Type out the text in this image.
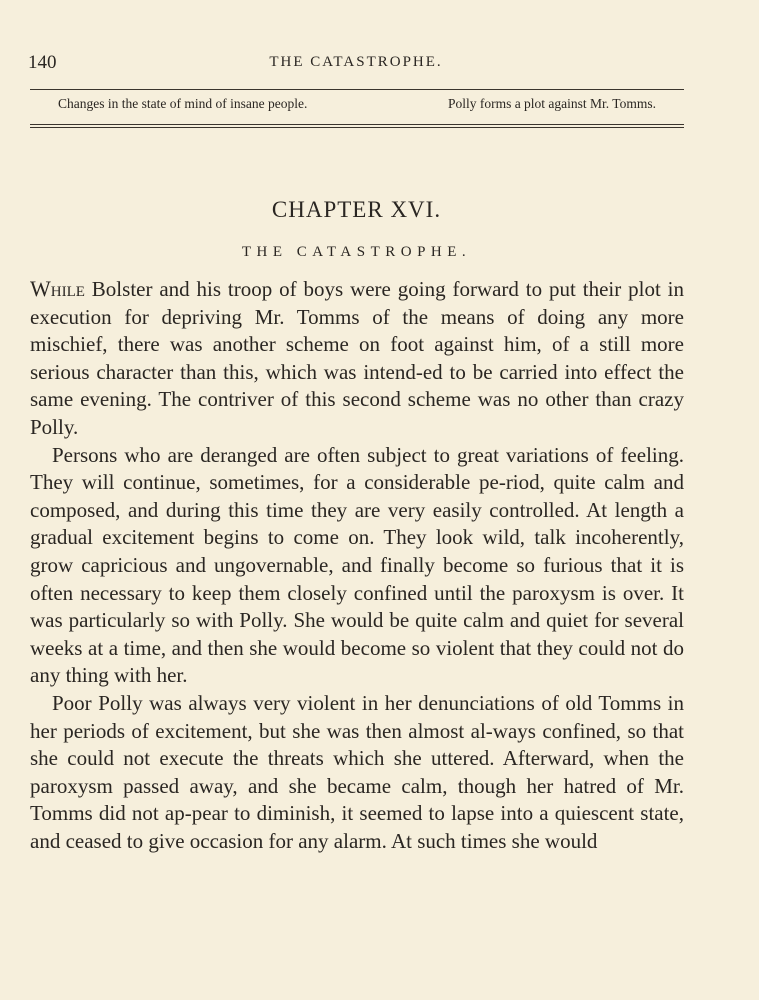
140	THE CATASTROPHE.
Changes in the state of mind of insane people.	Polly forms a plot against Mr. Tomms.
CHAPTER XVI.
THE CATASTROPHE.

While Bolster and his troop of boys were going forward to put their plot in execution for depriving Mr. Tomms of the means of doing any more mischief, there was another scheme on foot against him, of a still more serious character than this, which was intend-ed to be carried into effect the same evening. The contriver of this second scheme was no other than crazy Polly.

Persons who are deranged are often subject to great variations of feeling. They will continue, sometimes, for a considerable pe-riod, quite calm and composed, and during this time they are very easily controlled. At length a gradual excitement begins to come on. They look wild, talk incoherently, grow capricious and ungovernable, and finally become so furious that it is often necessary to keep them closely confined until the paroxysm is over. It was particularly so with Polly. She would be quite calm and quiet for several weeks at a time, and then she would become so violent that they could not do any thing with her.

Poor Polly was always very violent in her denunciations of old Tomms in her periods of excitement, but she was then almost al-ways confined, so that she could not execute the threats which she uttered. Afterward, when the paroxysm passed away, and she became calm, though her hatred of Mr. Tomms did not ap-pear to diminish, it seemed to lapse into a quiescent state, and ceased to give occasion for any alarm. At such times she would
